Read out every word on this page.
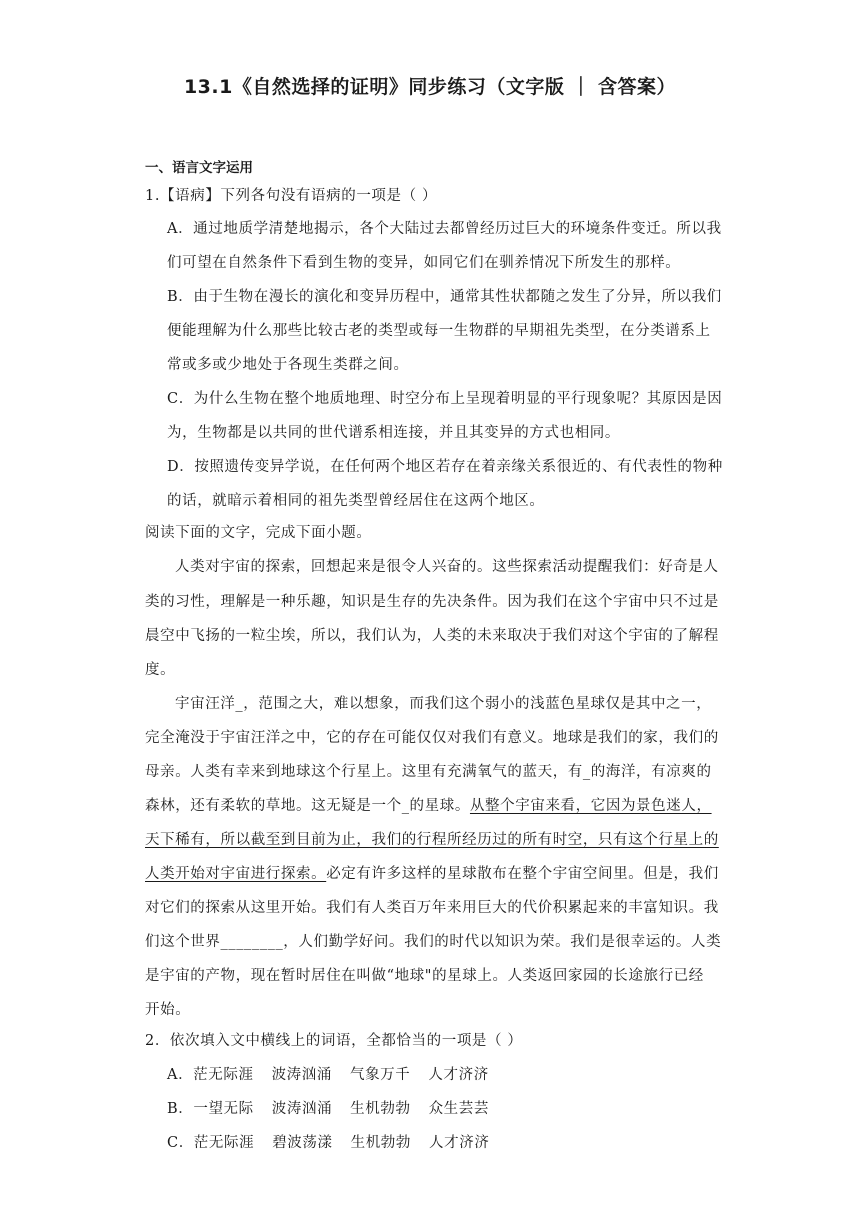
13.1《自然选择的证明》同步练习（文字版 ｜ 含答案）
一、语言文字运用
1.【语病】下列各句没有语病的一项是（ ）
A．通过地质学清楚地揭示，各个大陆过去都曾经历过巨大的环境条件变迁。所以我
们可望在自然条件下看到生物的变异，如同它们在驯养情况下所发生的那样。
B．由于生物在漫长的演化和变异历程中，通常其性状都随之发生了分异，所以我们
便能理解为什么那些比较古老的类型或每一生物群的早期祖先类型，在分类谱系上
常或多或少地处于各现生类群之间。
C．为什么生物在整个地质地理、时空分布上呈现着明显的平行现象呢？其原因是因
为，生物都是以共同的世代谱系相连接，并且其变异的方式也相同。
D．按照遗传变异学说，在任何两个地区若存在着亲缘关系很近的、有代表性的物种
的话，就暗示着相同的祖先类型曾经居住在这两个地区。
阅读下面的文字，完成下面小题。
人类对宇宙的探索，回想起来是很令人兴奋的。这些探索活动提醒我们：好奇是人
类的习性，理解是一种乐趣，知识是生存的先决条件。因为我们在这个宇宙中只不过是
晨空中飞扬的一粒尘埃，所以，我们认为，人类的未来取决于我们对这个宇宙的了解程
度。
宇宙汪洋_，范围之大，难以想象，而我们这个弱小的浅蓝色星球仅是其中之一，
完全淹没于宇宙汪洋之中，它的存在可能仅仅对我们有意义。地球是我们的家，我们的
母亲。人类有幸来到地球这个行星上。这里有充满氧气的蓝天，有_的海洋，有凉爽的
森林，还有柔软的草地。这无疑是一个_的星球。从整个宇宙来看，它因为景色迷人，
天下稀有，所以截至到目前为止，我们的行程所经历过的所有时空，只有这个行星上的
人类开始对宇宙进行探索。必定有许多这样的星球散布在整个宇宙空间里。但是，我们
对它们的探索从这里开始。我们有人类百万年来用巨大的代价积累起来的丰富知识。我
们这个世界________，人们勤学好问。我们的时代以知识为荣。我们是很幸运的。人类
是宇宙的产物，现在暂时居住在叫做“地球"的星球上。人类返回家园的长途旅行已经
开始。
2．依次填入文中横线上的词语，全都恰当的一项是（ ）
A．茫无际涯 波涛汹涌 气象万千 人才济济
B．一望无际 波涛汹涌 生机勃勃 众生芸芸
C．茫无际涯 碧波荡漾 生机勃勃 人才济济
